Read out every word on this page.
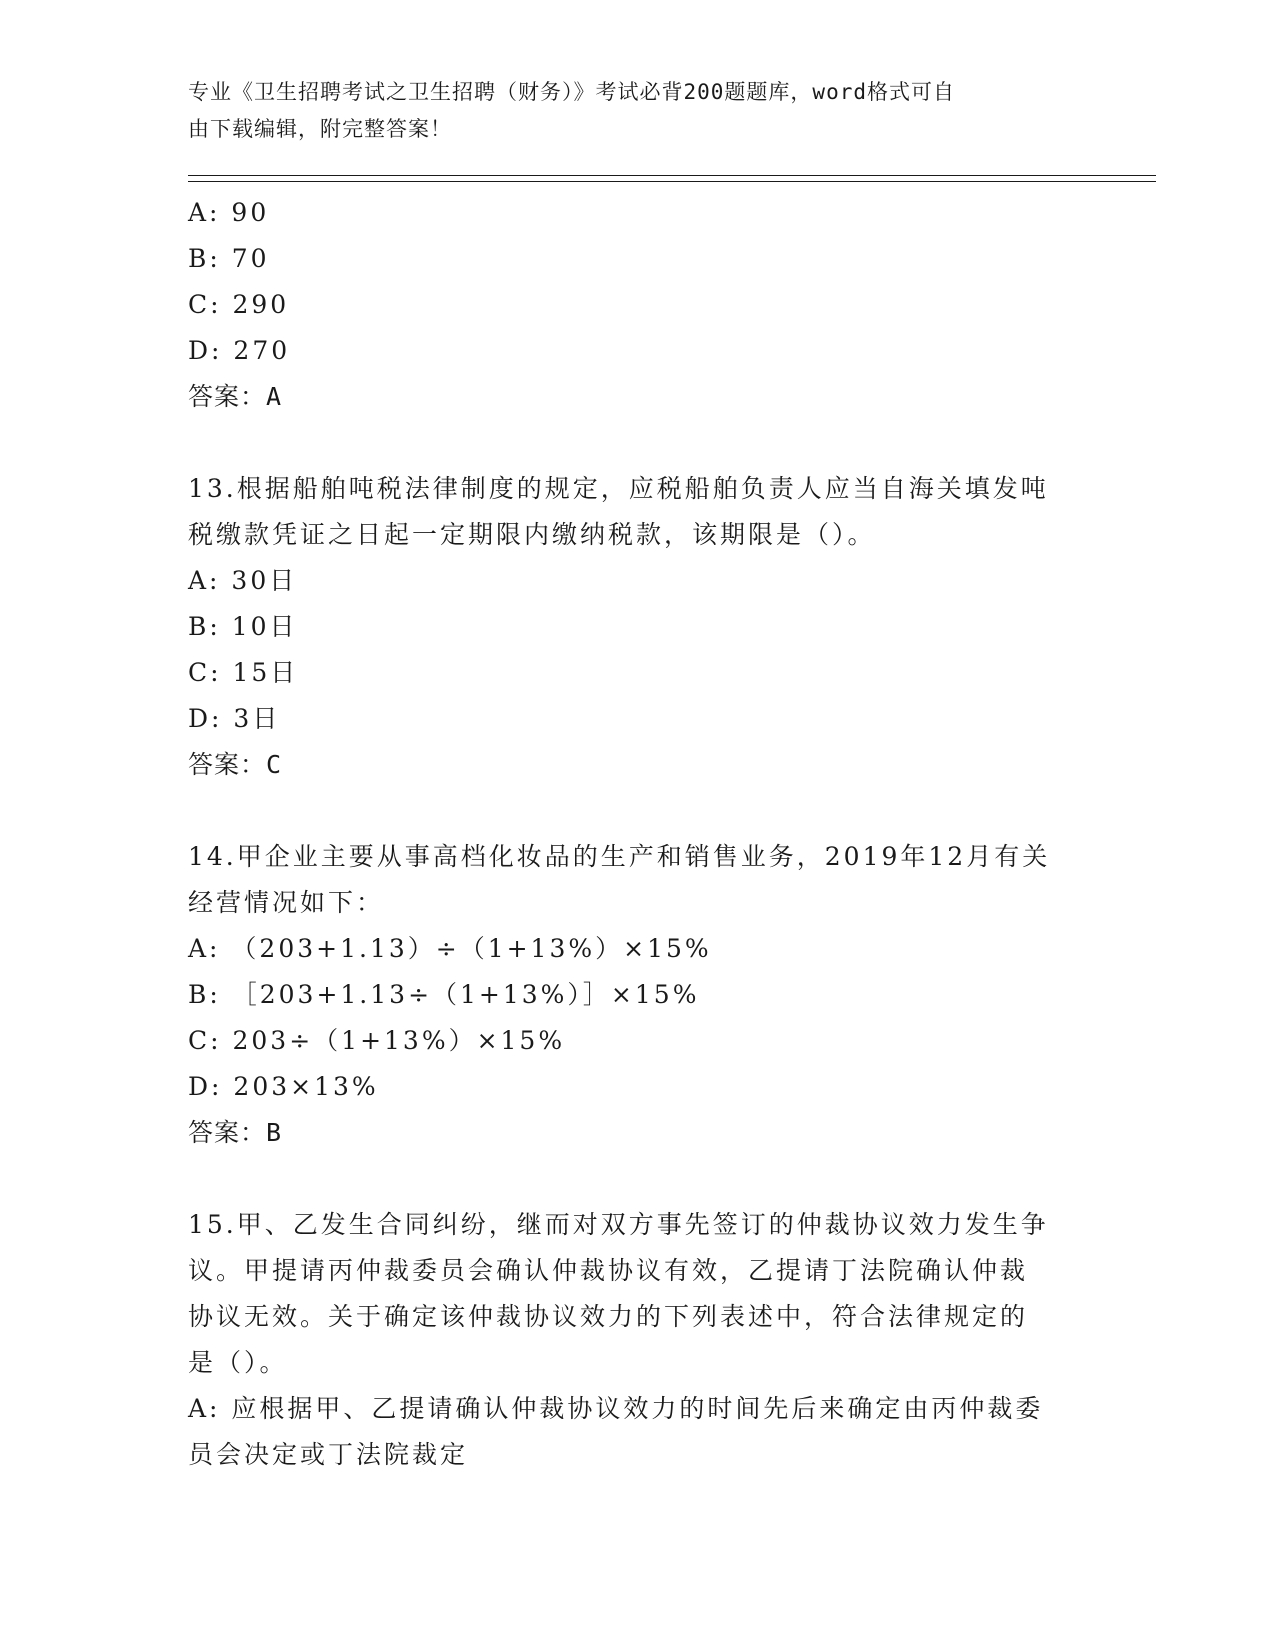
专业《卫生招聘考试之卫生招聘（财务）》考试必背200题题库，word格式可自
由下载编辑，附完整答案！
A: 90
B: 70
C: 290
D: 270
答案：A
13.根据船舶吨税法律制度的规定，应税船舶负责人应当自海关填发吨
税缴款凭证之日起一定期限内缴纳税款，该期限是（）。
A: 30日
B: 10日
C: 15日
D: 3日
答案：C
14.甲企业主要从事高档化妆品的生产和销售业务，2019年12月有关
经营情况如下：
A: （203+1.13）÷（1+13%）×15%
B: ［203+1.13÷（1+13%）］×15%
C: 203÷（1+13%）×15%
D: 203×13%
答案：B
15.甲、乙发生合同纠纷，继而对双方事先签订的仲裁协议效力发生争
议。甲提请丙仲裁委员会确认仲裁协议有效，乙提请丁法院确认仲裁
协议无效。关于确定该仲裁协议效力的下列表述中，符合法律规定的
是（）。
A: 应根据甲、乙提请确认仲裁协议效力的时间先后来确定由丙仲裁委
员会决定或丁法院裁定
